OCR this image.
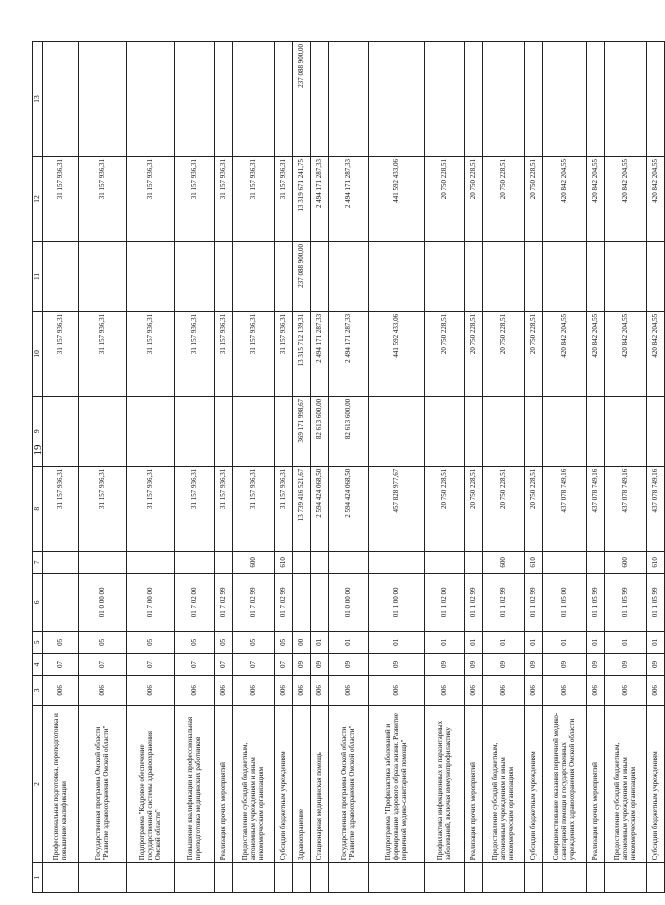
19
1	2	3	4	5	6	7	8	9	10	11	12	13
	Профессиональная подготовка, переподготовка и повышение квалификации	006	07	05			31 157 936,31		31 157 936,31		31 157 936,31	
	Государственная программа Омской области "Развитие здравоохранения Омской области"	006	07	05	01 0 00 00		31 157 936,31		31 157 936,31		31 157 936,31	
	Подпрограмма "Кадровое обеспечение государственной системы здравоохранения Омской области"	006	07	05	01 7 00 00		31 157 936,31		31 157 936,31		31 157 936,31	
	Повышение квалификации и профессиональная переподготовка медицинских работников	006	07	05	01 7 02 00		31 157 936,31		31 157 936,31		31 157 936,31	
	Реализация прочих мероприятий	006	07	05	01 7 02 99		31 157 936,31		31 157 936,31		31 157 936,31	
	Предоставление субсидий бюджетным, автономным учреждениям и иным некоммерческим организациям	006	07	05	01 7 02 99	600	31 157 936,31		31 157 936,31		31 157 936,31	
	Субсидии бюджетным учреждениям	006	07	05	01 7 02 99	610	31 157 936,31		31 157 936,31		31 157 936,31	
	Здравоохранение	006	09	00			13 739 416 521,67	369 171 998,67	13 315 712 139,31	237 088 900,00	13 319 671 241,75	237 088 900,00
	Стационарная медицинская помощь	006	09	01			2 594 424 068,50	82 613 600,00	2 494 171 287,33		2 494 171 287,33	
	Государственная программа Омской области "Развитие здравоохранения Омской области"	006	09	01	01 0 00 00		2 594 424 068,50	82 613 600,00	2 494 171 287,33		2 494 171 287,33	
	Подпрограмма "Профилактика заболеваний и формирование здорового образа жизни. Развитие первичной медико-санитарной помощи"	006	09	01	01 1 00 00		457 828 977,67		441 592 433,06		441 592 433,06	
	Профилактика инфекционных и паразитарных заболеваний, включая иммунопрофилактику	006	09	01	01 1 02 00		20 750 228,51		20 750 228,51		20 750 228,51	
	Реализация прочих мероприятий	006	09	01	01 1 02 99		20 750 228,51		20 750 228,51		20 750 228,51	
	Предоставление субсидий бюджетным, автономным учреждениям и иным некоммерческим организациям	006	09	01	01 1 02 99	600	20 750 228,51		20 750 228,51		20 750 228,51	
	Субсидии бюджетным учреждениям	006	09	01	01 1 02 99	610	20 750 228,51		20 750 228,51		20 750 228,51	
	Совершенствование оказания первичной медико-санитарной помощи в государственных учреждениях здравоохранения Омской области	006	09	01	01 1 05 00		437 078 749,16		420 842 204,55		420 842 204,55	
	Реализация прочих мероприятий	006	09	01	01 1 05 99		437 078 749,16		420 842 204,55		420 842 204,55	
	Предоставление субсидий бюджетным, автономным учреждениям и иным некоммерческим организациям	006	09	01	01 1 05 99	600	437 078 749,16		420 842 204,55		420 842 204,55	
	Субсидии бюджетным учреждениям	006	09	01	01 1 05 99	610	437 078 749,16		420 842 204,55		420 842 204,55	
